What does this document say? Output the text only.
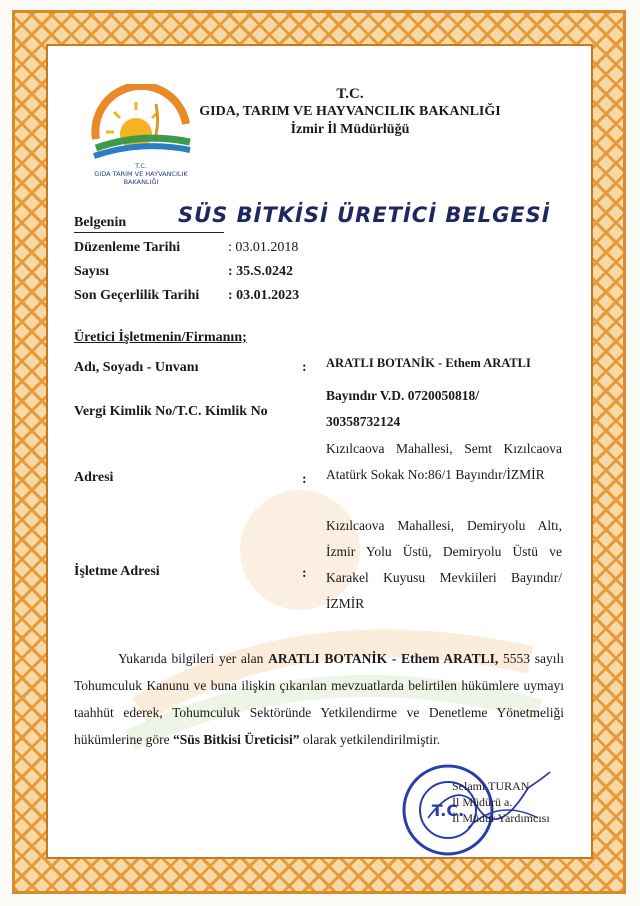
T.C.
GIDA TARIM VE HAYVANCILIK
BAKANLIĞI
T.C.
GIDA, TARIM VE HAYVANCILIK BAKANLIĞI
İzmir İl Müdürlüğü
Belgenin	SÜS BİTKİSİ ÜRETİCİ BELGESİ
Düzenleme Tarihi	: 03.01.2018
Sayısı	: 35.S.0242
Son Geçerlilik Tarihi : 03.01.2023
Üretici İşletmenin/Firmanın;
Adı, Soyadı - Unvanı	: ARATLI BOTANİK - Ethem ARATLI
Vergi Kimlik No/T.C. Kimlik No
Bayındır V.D. 0720050818/
30358732124
Adresi	:
Kızılcaova Mahallesi, Semt Kızılcaova Atatürk Sokak No:86/1 Bayındır/İZMİR
İşletme Adresi	:
Kızılcaova Mahallesi, Demiryolu Altı, İzmir Yolu Üstü, Demiryolu Üstü ve Karakel Kuyusu Mevkiileri Bayındır/İZMİR
Yukarıda bilgileri yer alan ARATLI BOTANİK - Ethem ARATLI, 5553 sayılı Tohumculuk Kanunu ve buna ilişkin çıkarılan mevzuatlarda belirtilen hükümlere uymayı taahhüt ederek, Tohumculuk Sektöründe Yetkilendirme ve Denetleme Yönetmeliği hükümlerine göre “Süs Bitkisi Üreticisi” olarak yetkilendirilmiştir.
T.C.
Selami TURAN
İl Müdürü a.
İl Müdür Yardımcısı
